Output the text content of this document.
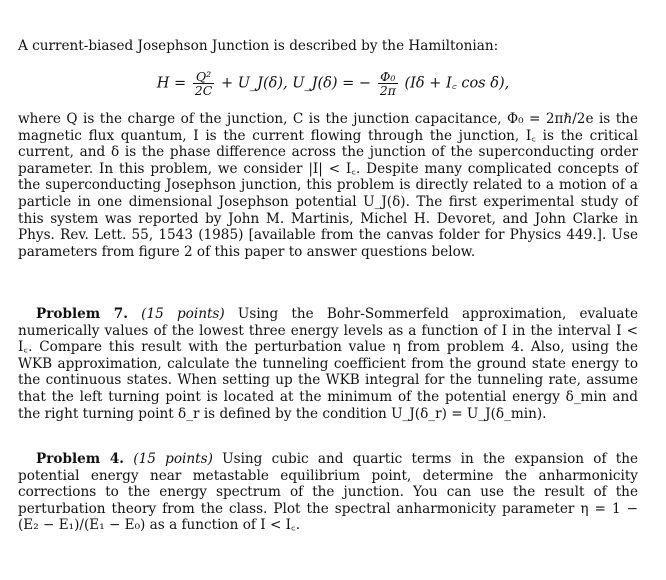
A current-biased Josephson Junction is described by the Hamiltonian:

$H = \frac{\text{Q²}}{2C}$ + U_J(δ), U_J(δ) = − $\frac{\text{Φ₀}}{2\pi} (I\delta$ + I꜀ cos δ),

where Q is the charge of the junction, C is the junction capacitance, Φ₀ = 2πℏ/2e is the magnetic flux quantum, I is the current flowing through the junction, I꜀ is the critical current, and δ is the phase difference across the junction of the superconducting order parameter. In this problem, we consider |I| < I꜀. Despite many complicated concepts of the superconducting Josephson junction, this problem is directly related to a motion of a particle in one dimensional Josephson potential U_J(δ). The first experimental study of this system was reported by John M. Martinis, Michel H. Devoret, and John Clarke in Phys. Rev. Lett. 55, 1543 (1985) [available from the canvas folder for Physics 449.]. Use parameters from figure 2 of this paper to answer questions below.

Problem 7. (15 points) Using the Bohr-Sommerfeld approximation, evaluate numerically values of the lowest three energy levels as a function of I in the interval I < I꜀. Compare this result with the perturbation value η from problem 4. Also, using the WKB approximation, calculate the tunneling coefficient from the ground state energy to the continuous states. When setting up the WKB integral for the tunneling rate, assume that the left turning point is located at the minimum of the potential energy δ_min and the right turning point δ_r is defined by the condition U_J(δ_r) = U_J(δ_min).

Problem 4. (15 points) Using cubic and quartic terms in the expansion of the potential energy near metastable equilibrium point, determine the anharmonicity corrections to the energy spectrum of the junction. You can use the result of the perturbation theory from the class. Plot the spectral anharmonicity parameter η = 1 − (E₂ − E₁)/(E₁ − E₀) as a function of I < I꜀.
